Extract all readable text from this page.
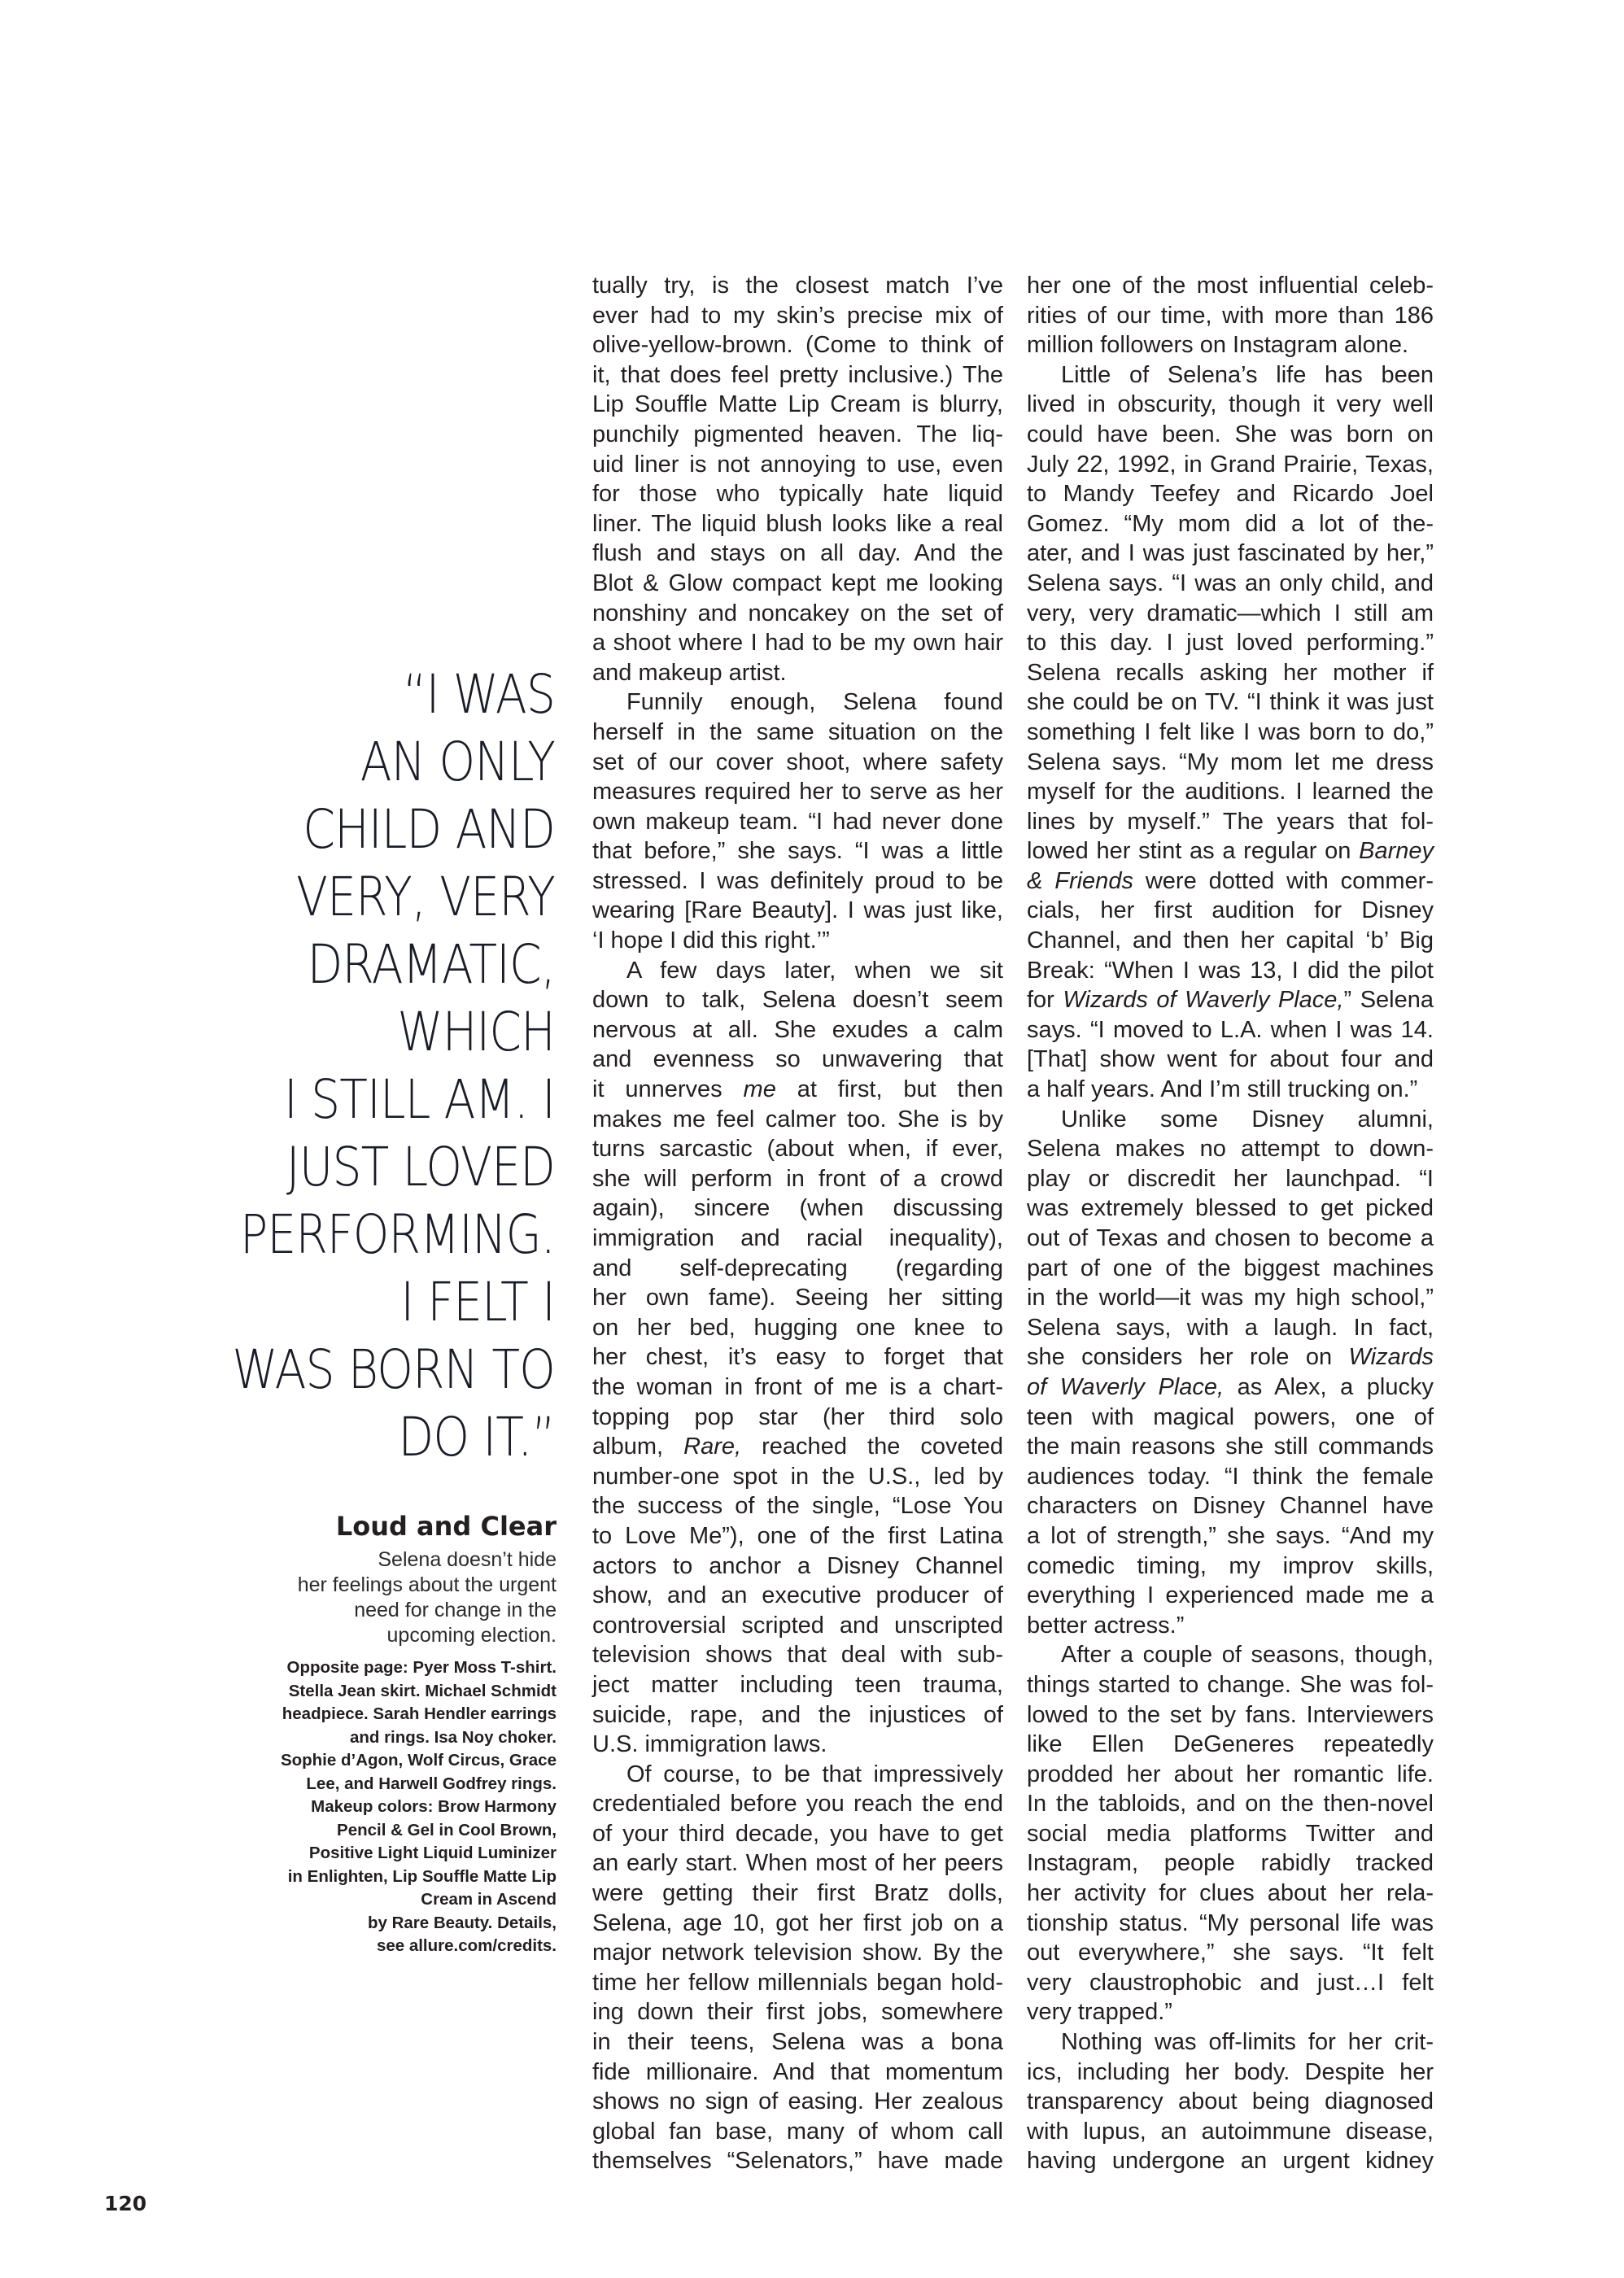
“I WAS
AN ONLY
CHILD AND
VERY, VERY
DRAMATIC,
WHICH
I STILL AM. I
JUST LOVED
PERFORMING.
I FELT I
WAS BORN TO
DO IT.”
Loud and Clear
Selena doesn’t hide
her feelings about the urgent
need for change in the
upcoming election.
Opposite page: Pyer Moss T-shirt.
Stella Jean skirt. Michael Schmidt
headpiece. Sarah Hendler earrings
and rings. Isa Noy choker.
Sophie d’Agon, Wolf Circus, Grace
Lee, and Harwell Godfrey rings.
Makeup colors: Brow Harmony
Pencil & Gel in Cool Brown,
Positive Light Liquid Luminizer
in Enlighten, Lip Souffle Matte Lip
Cream in Ascend
by Rare Beauty. Details,
see allure.com/credits.
tually try, is the closest match I’ve
ever had to my skin’s precise mix of
olive-yellow-brown. (Come to think of
it, that does feel pretty inclusive.) The
Lip Souffle Matte Lip Cream is blurry,
punchily pigmented heaven. The liq-
uid liner is not annoying to use, even
for those who typically hate liquid
liner. The liquid blush looks like a real
flush and stays on all day. And the
Blot & Glow compact kept me looking
nonshiny and noncakey on the set of
a shoot where I had to be my own hair
and makeup artist.
Funnily enough, Selena found
herself in the same situation on the
set of our cover shoot, where safety
measures required her to serve as her
own makeup team. “I had never done
that before,” she says. “I was a little
stressed. I was definitely proud to be
wearing [Rare Beauty]. I was just like,
‘I hope I did this right.’”
A few days later, when we sit
down to talk, Selena doesn’t seem
nervous at all. She exudes a calm
and evenness so unwavering that
it unnerves me at first, but then
makes me feel calmer too. She is by
turns sarcastic (about when, if ever,
she will perform in front of a crowd
again), sincere (when discussing
immigration and racial inequality),
and self-deprecating (regarding
her own fame). Seeing her sitting
on her bed, hugging one knee to
her chest, it’s easy to forget that
the woman in front of me is a chart-
topping pop star (her third solo
album, Rare, reached the coveted
number-one spot in the U.S., led by
the success of the single, “Lose You
to Love Me”), one of the first Latina
actors to anchor a Disney Channel
show, and an executive producer of
controversial scripted and unscripted
television shows that deal with sub-
ject matter including teen trauma,
suicide, rape, and the injustices of
U.S. immigration laws.
Of course, to be that impressively
credentialed before you reach the end
of your third decade, you have to get
an early start. When most of her peers
were getting their first Bratz dolls,
Selena, age 10, got her first job on a
major network television show. By the
time her fellow millennials began hold-
ing down their first jobs, somewhere
in their teens, Selena was a bona
fide millionaire. And that momentum
shows no sign of easing. Her zealous
global fan base, many of whom call
themselves “Selenators,” have made
her one of the most influential celeb-
rities of our time, with more than 186
million followers on Instagram alone.
Little of Selena’s life has been
lived in obscurity, though it very well
could have been. She was born on
July 22, 1992, in Grand Prairie, Texas,
to Mandy Teefey and Ricardo Joel
Gomez. “My mom did a lot of the-
ater, and I was just fascinated by her,”
Selena says. “I was an only child, and
very, very dramatic—which I still am
to this day. I just loved performing.”
Selena recalls asking her mother if
she could be on TV. “I think it was just
something I felt like I was born to do,”
Selena says. “My mom let me dress
myself for the auditions. I learned the
lines by myself.” The years that fol-
lowed her stint as a regular on Barney
& Friends were dotted with commer-
cials, her first audition for Disney
Channel, and then her capital ‘b’ Big
Break: “When I was 13, I did the pilot
for Wizards of Waverly Place,” Selena
says. “I moved to L.A. when I was 14.
[That] show went for about four and
a half years. And I’m still trucking on.”
Unlike some Disney alumni,
Selena makes no attempt to down-
play or discredit her launchpad. “I
was extremely blessed to get picked
out of Texas and chosen to become a
part of one of the biggest machines
in the world—it was my high school,”
Selena says, with a laugh. In fact,
she considers her role on Wizards
of Waverly Place, as Alex, a plucky
teen with magical powers, one of
the main reasons she still commands
audiences today. “I think the female
characters on Disney Channel have
a lot of strength,” she says. “And my
comedic timing, my improv skills,
everything I experienced made me a
better actress.”
After a couple of seasons, though,
things started to change. She was fol-
lowed to the set by fans. Interviewers
like Ellen DeGeneres repeatedly
prodded her about her romantic life.
In the tabloids, and on the then-novel
social media platforms Twitter and
Instagram, people rabidly tracked
her activity for clues about her rela-
tionship status. “My personal life was
out everywhere,” she says. “It felt
very claustrophobic and just…I felt
very trapped.”
Nothing was off-limits for her crit-
ics, including her body. Despite her
transparency about being diagnosed
with lupus, an autoimmune disease,
having undergone an urgent kidney
120
